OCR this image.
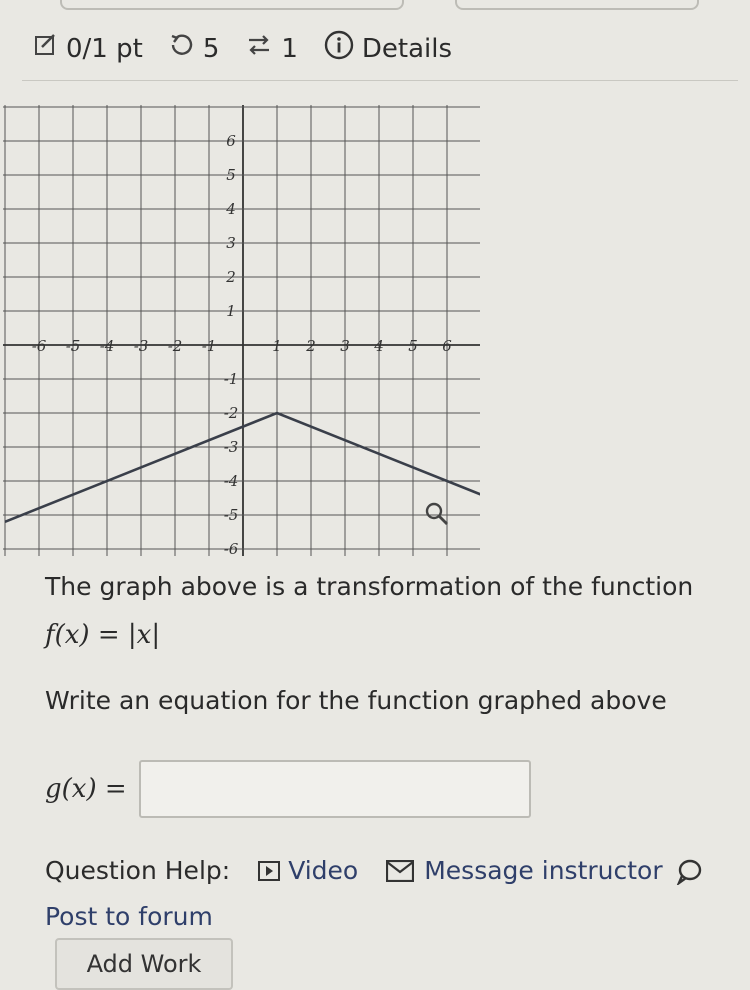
0/1 pt 5 1 Details
-6 -5 -4 -3 -2 -1	1 2 3 4 5 6
6
5
4
3
2
1
-1
-2
-3
-4
-5
-6
The graph above is a transformation of the function
f(x) = |x|
Write an equation for the function graphed above
g(x) =
Question Help: Video	Message instructor
Post to forum
Add Work
